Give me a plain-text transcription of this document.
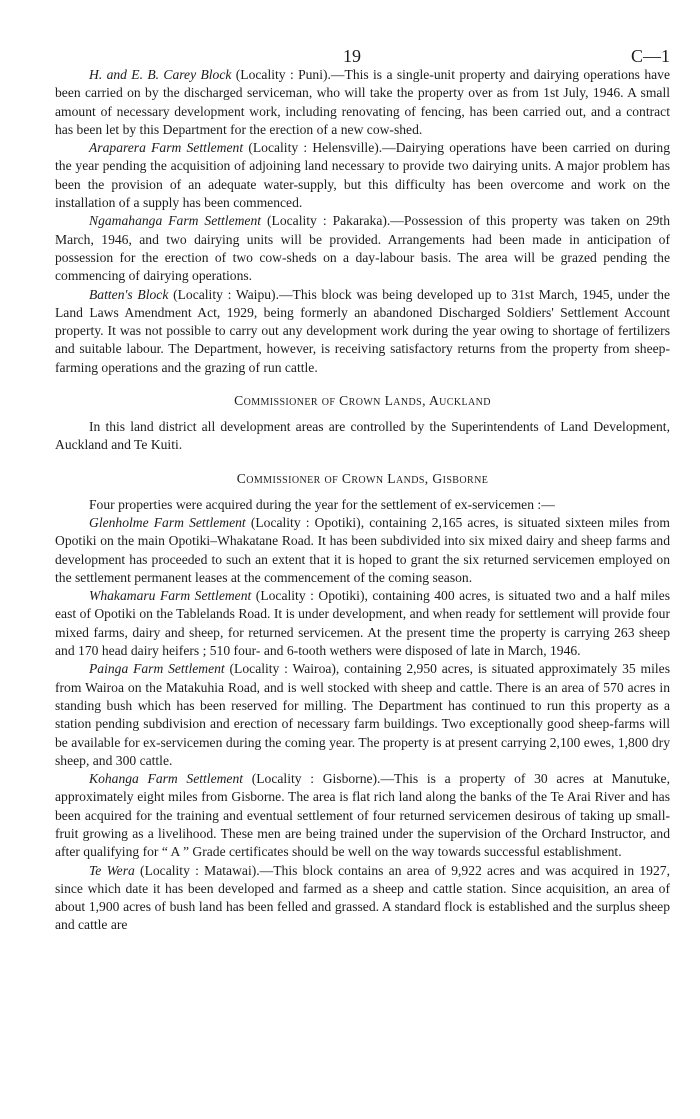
19	C—1

H. and E. B. Carey Block (Locality : Puni).—This is a single-unit property and dairying operations have been carried on by the discharged serviceman, who will take the property over as from 1st July, 1946. A small amount of necessary development work, including renovating of fencing, has been carried out, and a contract has been let by this Department for the erection of a new cow-shed.

Araparera Farm Settlement (Locality : Helensville).—Dairying operations have been carried on during the year pending the acquisition of adjoining land necessary to provide two dairying units. A major problem has been the provision of an adequate water-supply, but this difficulty has been overcome and work on the installation of a supply has been commenced.

Ngamahanga Farm Settlement (Locality : Pakaraka).—Possession of this property was taken on 29th March, 1946, and two dairying units will be provided. Arrangements had been made in anticipation of possession for the erection of two cow-sheds on a day-labour basis. The area will be grazed pending the commencing of dairying operations.

Batten's Block (Locality : Waipu).—This block was being developed up to 31st March, 1945, under the Land Laws Amendment Act, 1929, being formerly an abandoned Discharged Soldiers' Settlement Account property. It was not possible to carry out any development work during the year owing to shortage of fertilizers and suitable labour. The Department, however, is receiving satisfactory returns from the property from sheep-farming operations and the grazing of run cattle.

Commissioner of Crown Lands, Auckland

In this land district all development areas are controlled by the Superintendents of Land Development, Auckland and Te Kuiti.

Commissioner of Crown Lands, Gisborne

Four properties were acquired during the year for the settlement of ex-servicemen :—

Glenholme Farm Settlement (Locality : Opotiki), containing 2,165 acres, is situated sixteen miles from Opotiki on the main Opotiki–Whakatane Road. It has been subdivided into six mixed dairy and sheep farms and development has proceeded to such an extent that it is hoped to grant the six returned servicemen employed on the settlement permanent leases at the commencement of the coming season.

Whakamaru Farm Settlement (Locality : Opotiki), containing 400 acres, is situated two and a half miles east of Opotiki on the Tablelands Road. It is under development, and when ready for settlement will provide four mixed farms, dairy and sheep, for returned servicemen. At the present time the property is carrying 263 sheep and 170 head dairy heifers ; 510 four- and 6-tooth wethers were disposed of late in March, 1946.

Painga Farm Settlement (Locality : Wairoa), containing 2,950 acres, is situated approximately 35 miles from Wairoa on the Matakuhia Road, and is well stocked with sheep and cattle. There is an area of 570 acres in standing bush which has been reserved for milling. The Department has continued to run this property as a station pending subdivision and erection of necessary farm buildings. Two exceptionally good sheep-farms will be available for ex-servicemen during the coming year. The property is at present carrying 2,100 ewes, 1,800 dry sheep, and 300 cattle.

Kohanga Farm Settlement (Locality : Gisborne).—This is a property of 30 acres at Manutuke, approximately eight miles from Gisborne. The area is flat rich land along the banks of the Te Arai River and has been acquired for the training and eventual settlement of four returned servicemen desirous of taking up small-fruit growing as a livelihood. These men are being trained under the supervision of the Orchard Instructor, and after qualifying for “ A ” Grade certificates should be well on the way towards successful establishment.

Te Wera (Locality : Matawai).—This block contains an area of 9,922 acres and was acquired in 1927, since which date it has been developed and farmed as a sheep and cattle station. Since acquisition, an area of about 1,900 acres of bush land has been felled and grassed. A standard flock is established and the surplus sheep and cattle are
